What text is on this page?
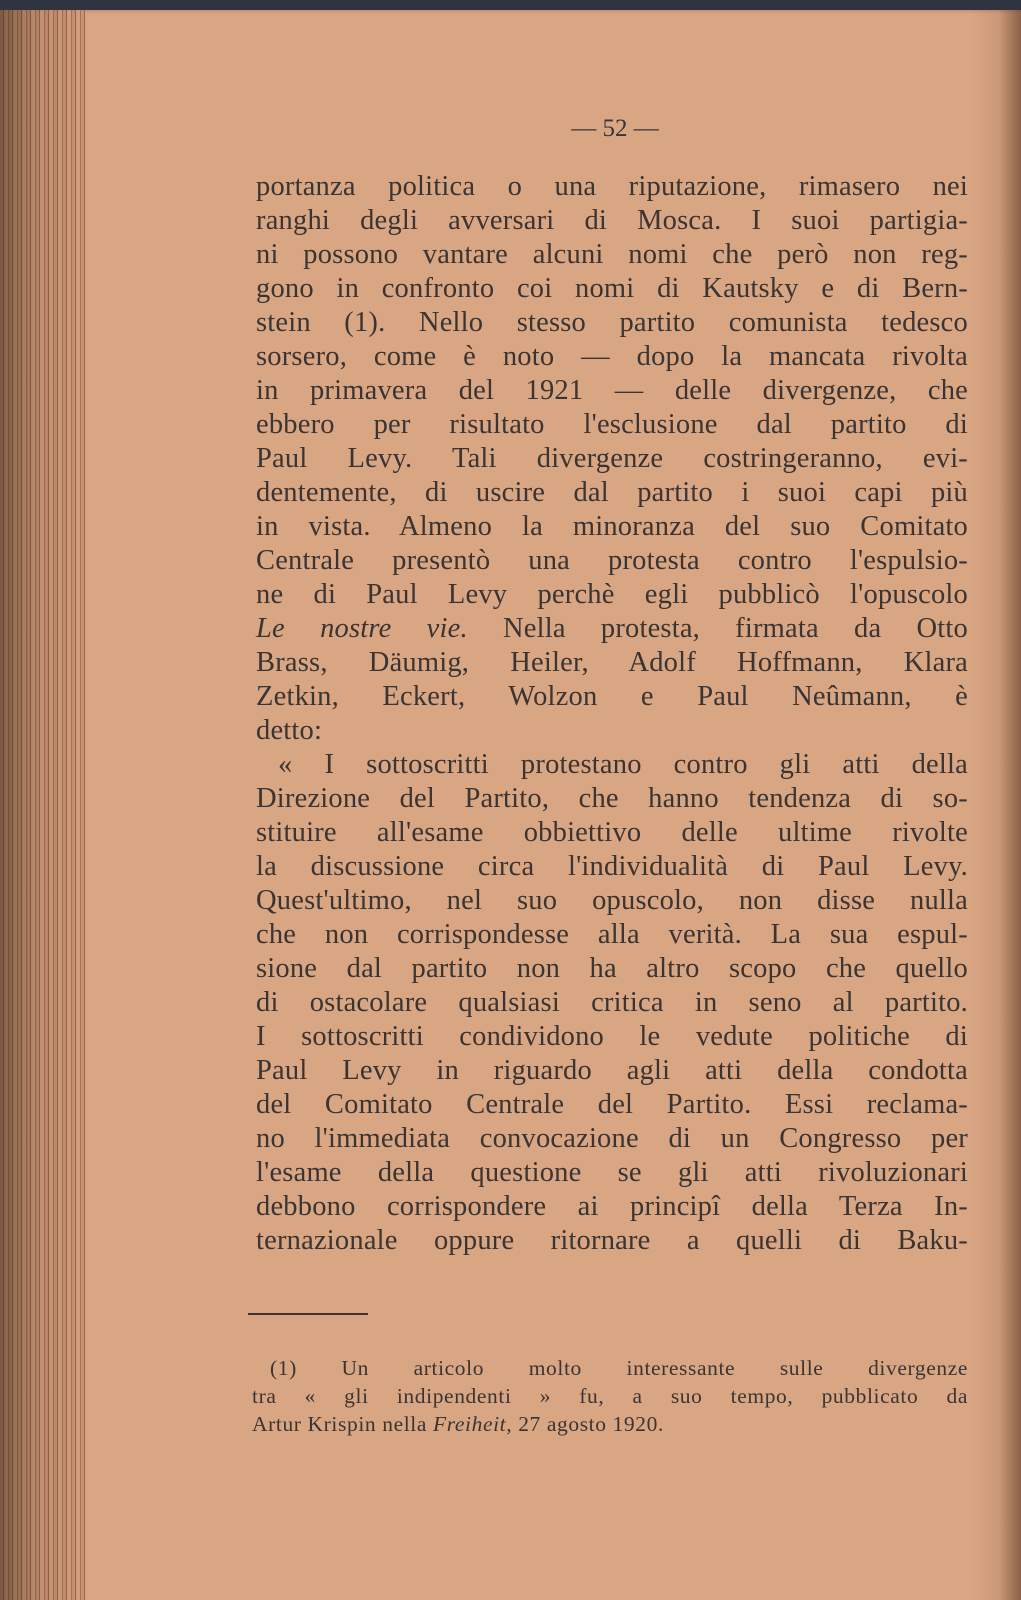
— 52 —
portanza politica o una riputazione, rimasero nei
ranghi degli avversari di Mosca. I suoi partigia-
ni possono vantare alcuni nomi che però non reg-
gono in confronto coi nomi di Kautsky e di Bern-
stein (1). Nello stesso partito comunista tedesco
sorsero, come è noto — dopo la mancata rivolta
in primavera del 1921 — delle divergenze, che
ebbero per risultato l'esclusione dal partito di
Paul Levy. Tali divergenze costringeranno, evi-
dentemente, di uscire dal partito i suoi capi più
in vista. Almeno la minoranza del suo Comitato
Centrale presentò una protesta contro l'espulsio-
ne di Paul Levy perchè egli pubblicò l'opuscolo
Le nostre vie. Nella protesta, firmata da Otto
Brass, Däumig, Heiler, Adolf Hoffmann, Klara
Zetkin, Eckert, Wolzon e Paul Neûmann, è
detto:
« I sottoscritti protestano contro gli atti della
Direzione del Partito, che hanno tendenza di so-
stituire all'esame obbiettivo delle ultime rivolte
la discussione circa l'individualità di Paul Levy.
Quest'ultimo, nel suo opuscolo, non disse nulla
che non corrispondesse alla verità. La sua espul-
sione dal partito non ha altro scopo che quello
di ostacolare qualsiasi critica in seno al partito.
I sottoscritti condividono le vedute politiche di
Paul Levy in riguardo agli atti della condotta
del Comitato Centrale del Partito. Essi reclama-
no l'immediata convocazione di un Congresso per
l'esame della questione se gli atti rivoluzionari
debbono corrispondere ai principî della Terza In-
ternazionale oppure ritornare a quelli di Baku-
(1) Un articolo molto interessante sulle divergenze
tra « gli indipendenti » fu, a suo tempo, pubblicato da
Artur Krispin nella Freiheit, 27 agosto 1920.
